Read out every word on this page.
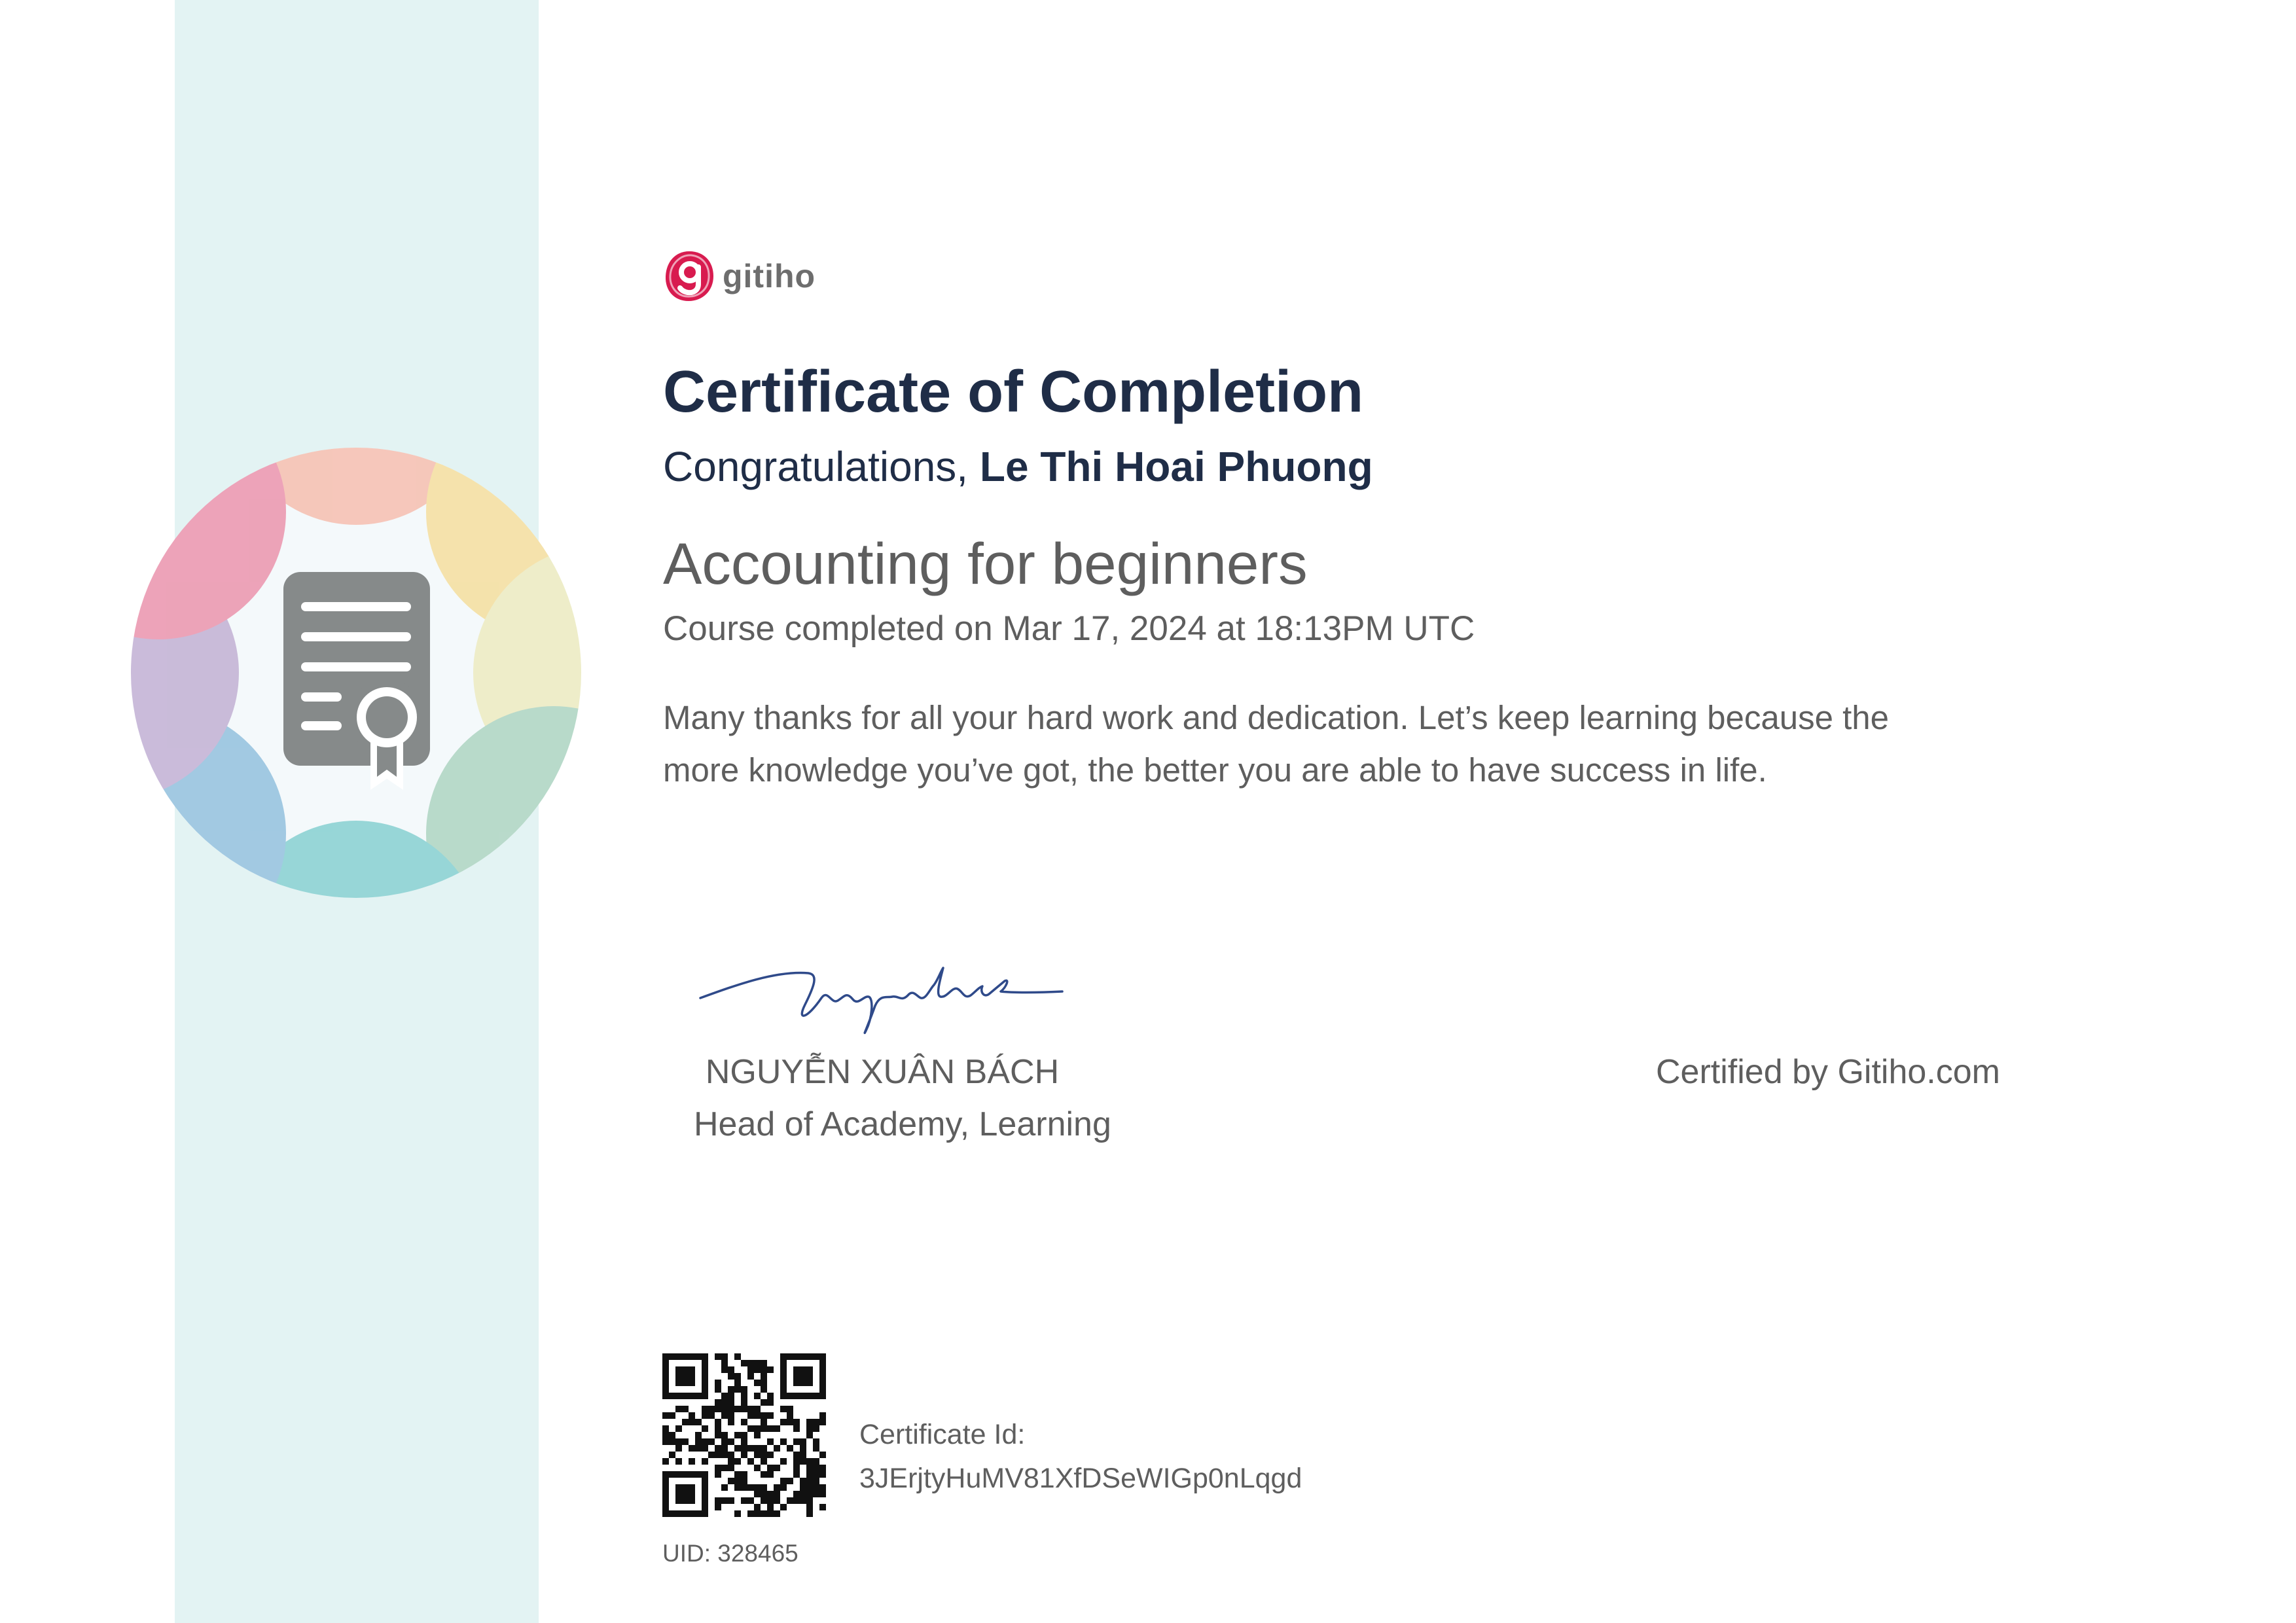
gitiho
Certificate of Completion
Congratulations, Le Thi Hoai Phuong
Accounting for beginners
Course completed on Mar 17, 2024 at 18:13PM UTC
Many thanks for all your hard work and dedication. Let’s keep learning because the more knowledge you’ve got, the better you are able to have success in life.
NGUYỄN XUÂN BÁCH
Head of Academy, Learning
Certified by Gitiho.com
Certificate Id:
3JErjtyHuMV81XfDSeWIGp0nLqgd
UID: 328465
